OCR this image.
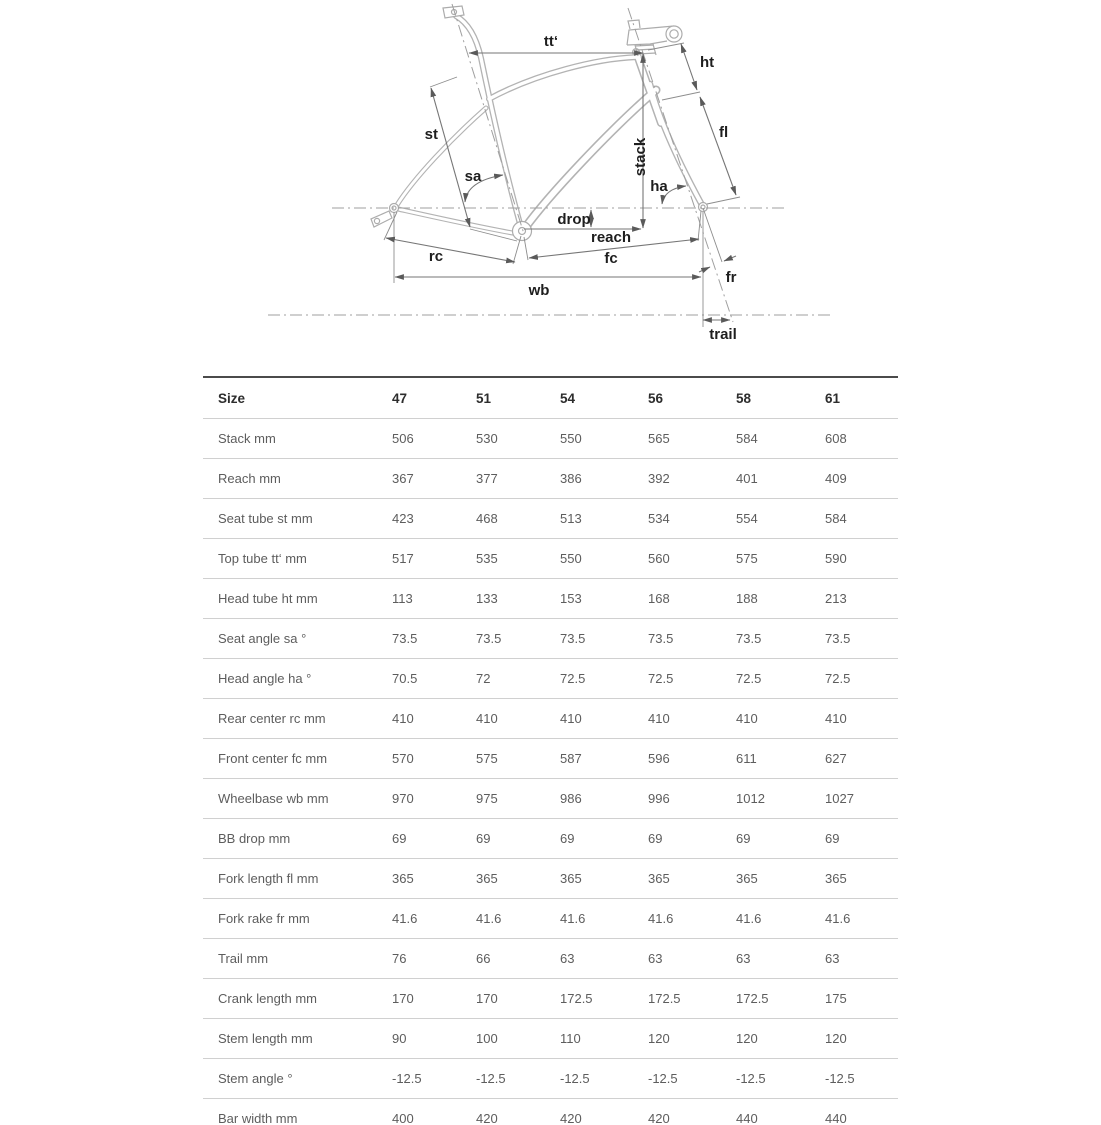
tt‘
ht
fl
st
sa
stack
ha
drop
reach
rc	fc
wb
fr
trail
Size	47	51	54	56	58	61
Stack mm	506	530	550	565	584	608
Reach mm	367	377	386	392	401	409
Seat tube st mm	423	468	513	534	554	584
Top tube tt‘ mm	517	535	550	560	575	590
Head tube ht mm	113	133	153	168	188	213
Seat angle sa °	73.5	73.5	73.5	73.5	73.5	73.5
Head angle ha °	70.5	72	72.5	72.5	72.5	72.5
Rear center rc mm	410	410	410	410	410	410
Front center fc mm	570	575	587	596	611	627
Wheelbase wb mm	970	975	986	996	1012	1027
BB drop mm	69	69	69	69	69	69
Fork length fl mm	365	365	365	365	365	365
Fork rake fr mm	41.6	41.6	41.6	41.6	41.6	41.6
Trail mm	76	66	63	63	63	63
Crank length mm	170	170	172.5	172.5	172.5	175
Stem length mm	90	100	110	120	120	120
Stem angle °	-12.5	-12.5	-12.5	-12.5	-12.5	-12.5
Bar width mm	400	420	420	420	440	440
